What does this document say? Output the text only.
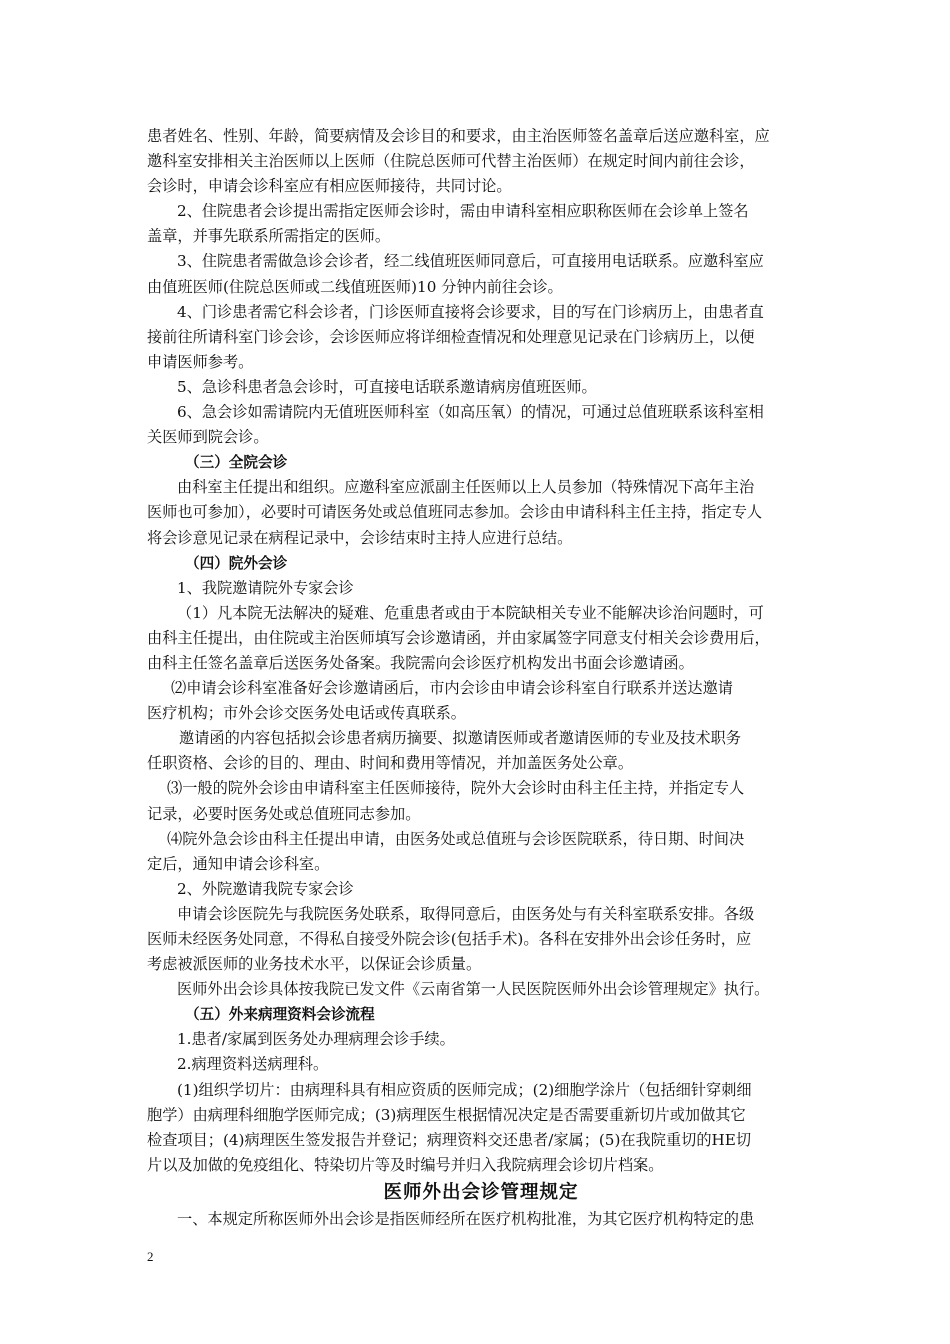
患者姓名、性别、年龄，简要病情及会诊目的和要求，由主治医师签名盖章后送应邀科室，应

邀科室安排相关主治医师以上医师（住院总医师可代替主治医师）在规定时间内前往会诊，

会诊时，申请会诊科室应有相应医师接待，共同讨论。

2、住院患者会诊提出需指定医师会诊时，需由申请科室相应职称医师在会诊单上签名

盖章，并事先联系所需指定的医师。

3、住院患者需做急诊会诊者，经二线值班医师同意后，可直接用电话联系。应邀科室应

由值班医师(住院总医师或二线值班医师)10 分钟内前往会诊。

4、门诊患者需它科会诊者，门诊医师直接将会诊要求，目的写在门诊病历上，由患者直

接前往所请科室门诊会诊，会诊医师应将详细检查情况和处理意见记录在门诊病历上，以便

申请医师参考。

5、急诊科患者急会诊时，可直接电话联系邀请病房值班医师。

6、急会诊如需请院内无值班医师科室（如高压氧）的情况，可通过总值班联系该科室相

关医师到院会诊。

（三）全院会诊

由科室主任提出和组织。应邀科室应派副主任医师以上人员参加（特殊情况下高年主治

医师也可参加），必要时可请医务处或总值班同志参加。会诊由申请科科主任主持，指定专人

将会诊意见记录在病程记录中，会诊结束时主持人应进行总结。

（四）院外会诊

1、我院邀请院外专家会诊

（1）凡本院无法解决的疑难、危重患者或由于本院缺相关专业不能解决诊治问题时，可

由科主任提出，由住院或主治医师填写会诊邀请函，并由家属签字同意支付相关会诊费用后，

由科主任签名盖章后送医务处备案。我院需向会诊医疗机构发出书面会诊邀请函。

⑵申请会诊科室准备好会诊邀请函后，市内会诊由申请会诊科室自行联系并送达邀请

医疗机构；市外会诊交医务处电话或传真联系。

邀请函的内容包括拟会诊患者病历摘要、拟邀请医师或者邀请医师的专业及技术职务

任职资格、会诊的目的、理由、时间和费用等情况，并加盖医务处公章。

⑶一般的院外会诊由申请科室主任医师接待，院外大会诊时由科主任主持，并指定专人

记录，必要时医务处或总值班同志参加。

⑷院外急会诊由科主任提出申请，由医务处或总值班与会诊医院联系，待日期、时间决

定后，通知申请会诊科室。

2、外院邀请我院专家会诊

申请会诊医院先与我院医务处联系，取得同意后，由医务处与有关科室联系安排。各级

医师未经医务处同意，不得私自接受外院会诊(包括手术)。各科在安排外出会诊任务时，应

考虑被派医师的业务技术水平，以保证会诊质量。

医师外出会诊具体按我院已发文件《云南省第一人民医院医师外出会诊管理规定》执行。

（五）外来病理资料会诊流程

1.患者/家属到医务处办理病理会诊手续。

2.病理资料送病理科。

(1)组织学切片：由病理科具有相应资质的医师完成；(2)细胞学涂片（包括细针穿刺细

胞学）由病理科细胞学医师完成；(3)病理医生根据情况决定是否需要重新切片或加做其它

检查项目；(4)病理医生签发报告并登记；病理资料交还患者/家属；(5)在我院重切的HE切

片以及加做的免疫组化、特染切片等及时编号并归入我院病理会诊切片档案。

医师外出会诊管理规定

一、本规定所称医师外出会诊是指医师经所在医疗机构批准，为其它医疗机构特定的患

2
